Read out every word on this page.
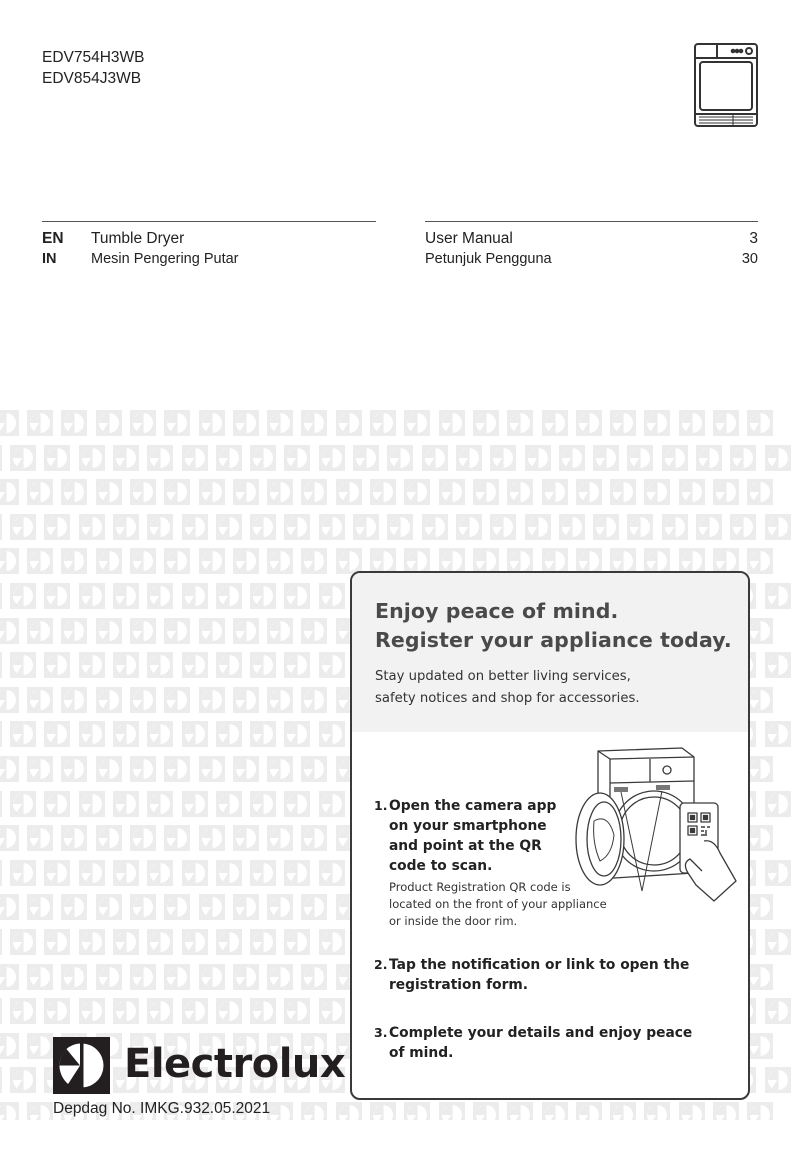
EDV754H3WB
EDV854J3WB
EN	Tumble Dryer
IN	Mesin Pengering Putar
User Manual	3
Petunjuk Pengguna	30
Enjoy peace of mind.
Register your appliance today.
Stay updated on better living services,
safety notices and shop for accessories.
1. Open the camera app
on your smartphone
and point at the QR
code to scan.
Product Registration QR code is
located on the front of your appliance
or inside the door rim.
2. Tap the notification or link to open the
registration form.
3. Complete your details and enjoy peace
of mind.
Electrolux
Depdag No. IMKG.932.05.2021
